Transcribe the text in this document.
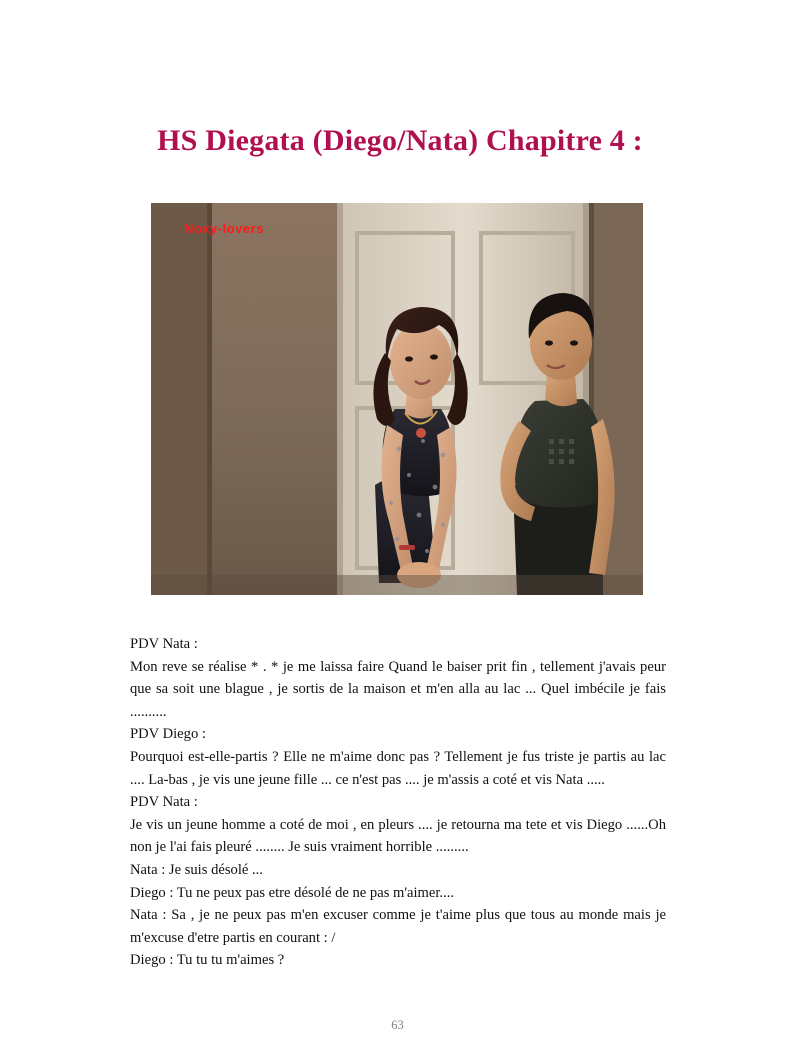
HS Diegata (Diego/Nata) Chapitre 4 :
Noxy-lovers

PDV Nata :

Mon reve se réalise * . * je me laissa faire Quand le baiser prit fin , tellement j'avais peur que sa soit une blague , je sortis de la maison et m'en alla au lac ... Quel imbécile je fais ..........

PDV Diego :

Pourquoi est-elle-partis ? Elle ne m'aime donc pas ? Tellement je fus triste je partis au lac .... La-bas , je vis une jeune fille ... ce n'est pas .... je m'assis a coté et vis Nata .....

PDV Nata :

Je vis un jeune homme a coté de moi , en pleurs .... je retourna ma tete et vis Diego ......Oh non je l'ai fais pleuré ........ Je suis vraiment horrible .........

Nata : Je suis désolé ...

Diego : Tu ne peux pas etre désolé de ne pas m'aimer....

Nata : Sa , je ne peux pas m'en excuser comme je t'aime plus que tous au monde mais je m'excuse d'etre partis en courant : /

Diego : Tu tu tu m'aimes ?

63
